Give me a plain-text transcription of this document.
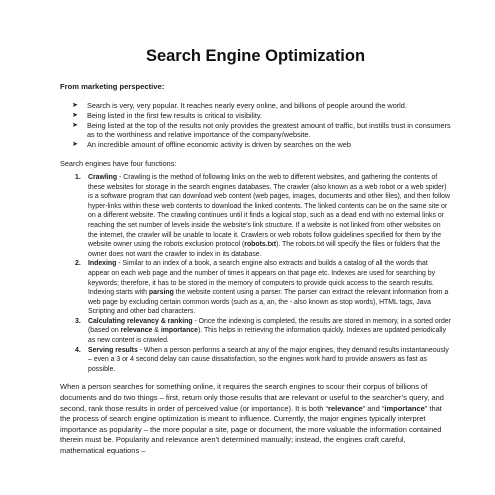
Search Engine Optimization
From marketing perspective:
➤ Search is very, very popular. It reaches nearly every online, and billions of people around the world.
➤ Being listed in the first few results is critical to visibility.
➤ Being listed at the top of the results not only provides the greatest amount of traffic, but instills trust in consumers as to the worthiness and relative importance of the company/website.
➤ An incredible amount of offline economic activity is driven by searches on the web

Search engines have four functions:

1. Crawling - Crawling is the method of following links on the web to different websites, and gathering the contents of these websites for storage in the search engines databases. The crawler (also known as a web robot or a web spider) is a software program that can download web content (web pages, images, documents and other files), and then follow hyper-links within these web contents to download the linked contents. The linked contents can be on the same site or on a different website. The crawling continues until it finds a logical stop, such as a dead end with no external links or reaching the set number of levels inside the website's link structure. If a website is not linked from other websites on the internet, the crawler will be unable to locate it. Crawlers or web robots follow guidelines specified for them by the website owner using the robots exclusion protocol (robots.txt). The robots.txt will specify the files or folders that the owner does not want the crawler to index in its database.
2. Indexing - Similar to an index of a book, a search engine also extracts and builds a catalog of all the words that appear on each web page and the number of times it appears on that page etc. Indexes are used for searching by keywords; therefore, it has to be stored in the memory of computers to provide quick access to the search results. Indexing starts with parsing the website content using a parser. The parser can extract the relevant information from a web page by excluding certain common words (such as a, an, the - also known as stop words), HTML tags, Java Scripting and other bad characters.
3. Calculating relevancy & ranking - Once the indexing is completed, the results are stored in memory, in a sorted order (based on relevance & importance). This helps in retrieving the information quickly. Indexes are updated periodically as new content is crawled.
4. Serving results - When a person performs a search at any of the major engines, they demand results instantaneously – even a 3 or 4 second delay can cause dissatisfaction, so the engines work hard to provide answers as fast as possible.

When a person searches for something online, it requires the search engines to scour their corpus of billions of documents and do two things – first, return only those results that are relevant or useful to the searcher’s query, and second, rank those results in order of perceived value (or importance). It is both “relevance” and “importance” that the process of search engine optimization is meant to influence. Currently, the major engines typically interpret importance as popularity – the more popular a site, page or document, the more valuable the information contained therein must be. Popularity and relevance aren’t determined manually; instead, the engines craft careful, mathematical equations –
